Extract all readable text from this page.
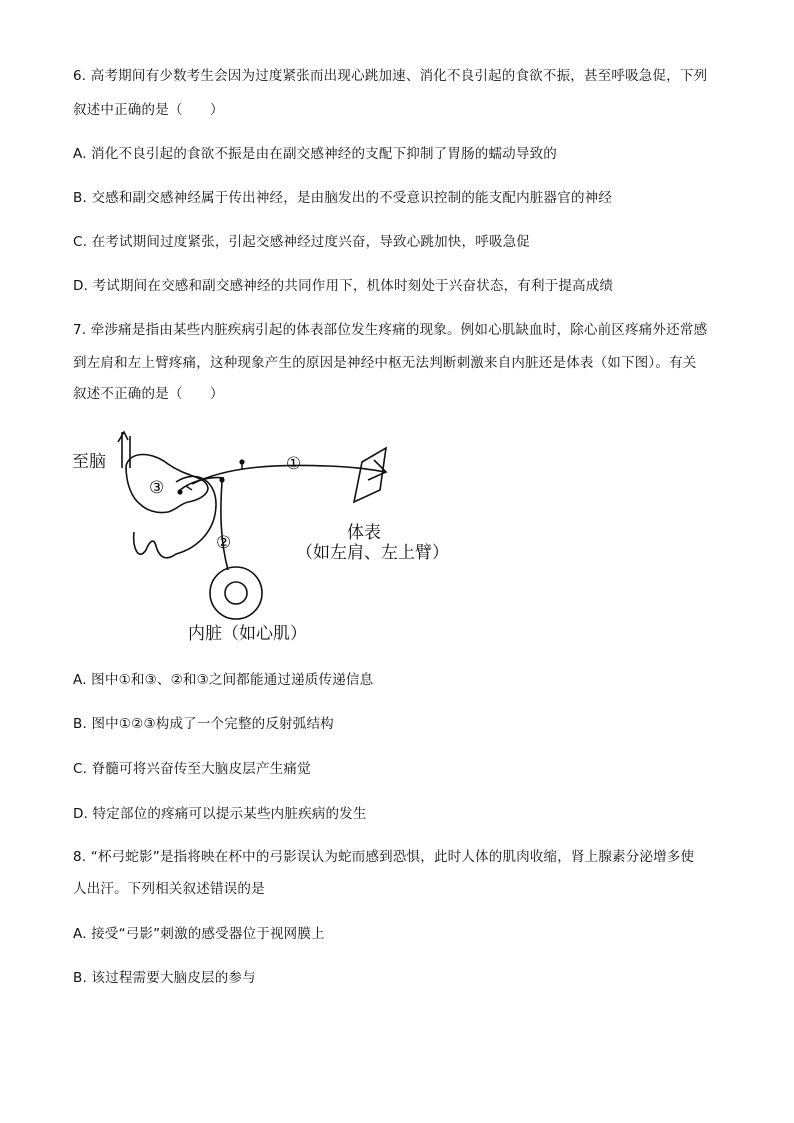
6. 高考期间有少数考生会因为过度紧张而出现心跳加速、消化不良引起的食欲不振，甚至呼吸急促，下列
叙述中正确的是（　　）
A. 消化不良引起的食欲不振是由在副交感神经的支配下抑制了胃肠的蠕动导致的
B. 交感和副交感神经属于传出神经，是由脑发出的不受意识控制的能支配内脏器官的神经
C. 在考试期间过度紧张，引起交感神经过度兴奋，导致心跳加快，呼吸急促
D. 考试期间在交感和副交感神经的共同作用下，机体时刻处于兴奋状态，有利于提高成绩
7. 牵涉痛是指由某些内脏疾病引起的体表部位发生疼痛的现象。例如心肌缺血时，除心前区疼痛外还常感
到左肩和左上臂疼痛，这种现象产生的原因是神经中枢无法判断刺激来自内脏还是体表（如下图）。有关
叙述不正确的是（　　）
至脑
③
①
②	体表
（如左肩、左上臂）
内脏（如心肌）
A. 图中①和③、②和③之间都能通过递质传递信息
B. 图中①②③构成了一个完整的反射弧结构
C. 脊髓可将兴奋传至大脑皮层产生痛觉
D. 特定部位的疼痛可以提示某些内脏疾病的发生
8. “杯弓蛇影”是指将映在杯中的弓影误认为蛇而感到恐惧，此时人体的肌肉收缩，肾上腺素分泌增多使
人出汗。下列相关叙述错误的是
A. 接受“弓影”刺激的感受器位于视网膜上
B. 该过程需要大脑皮层的参与
